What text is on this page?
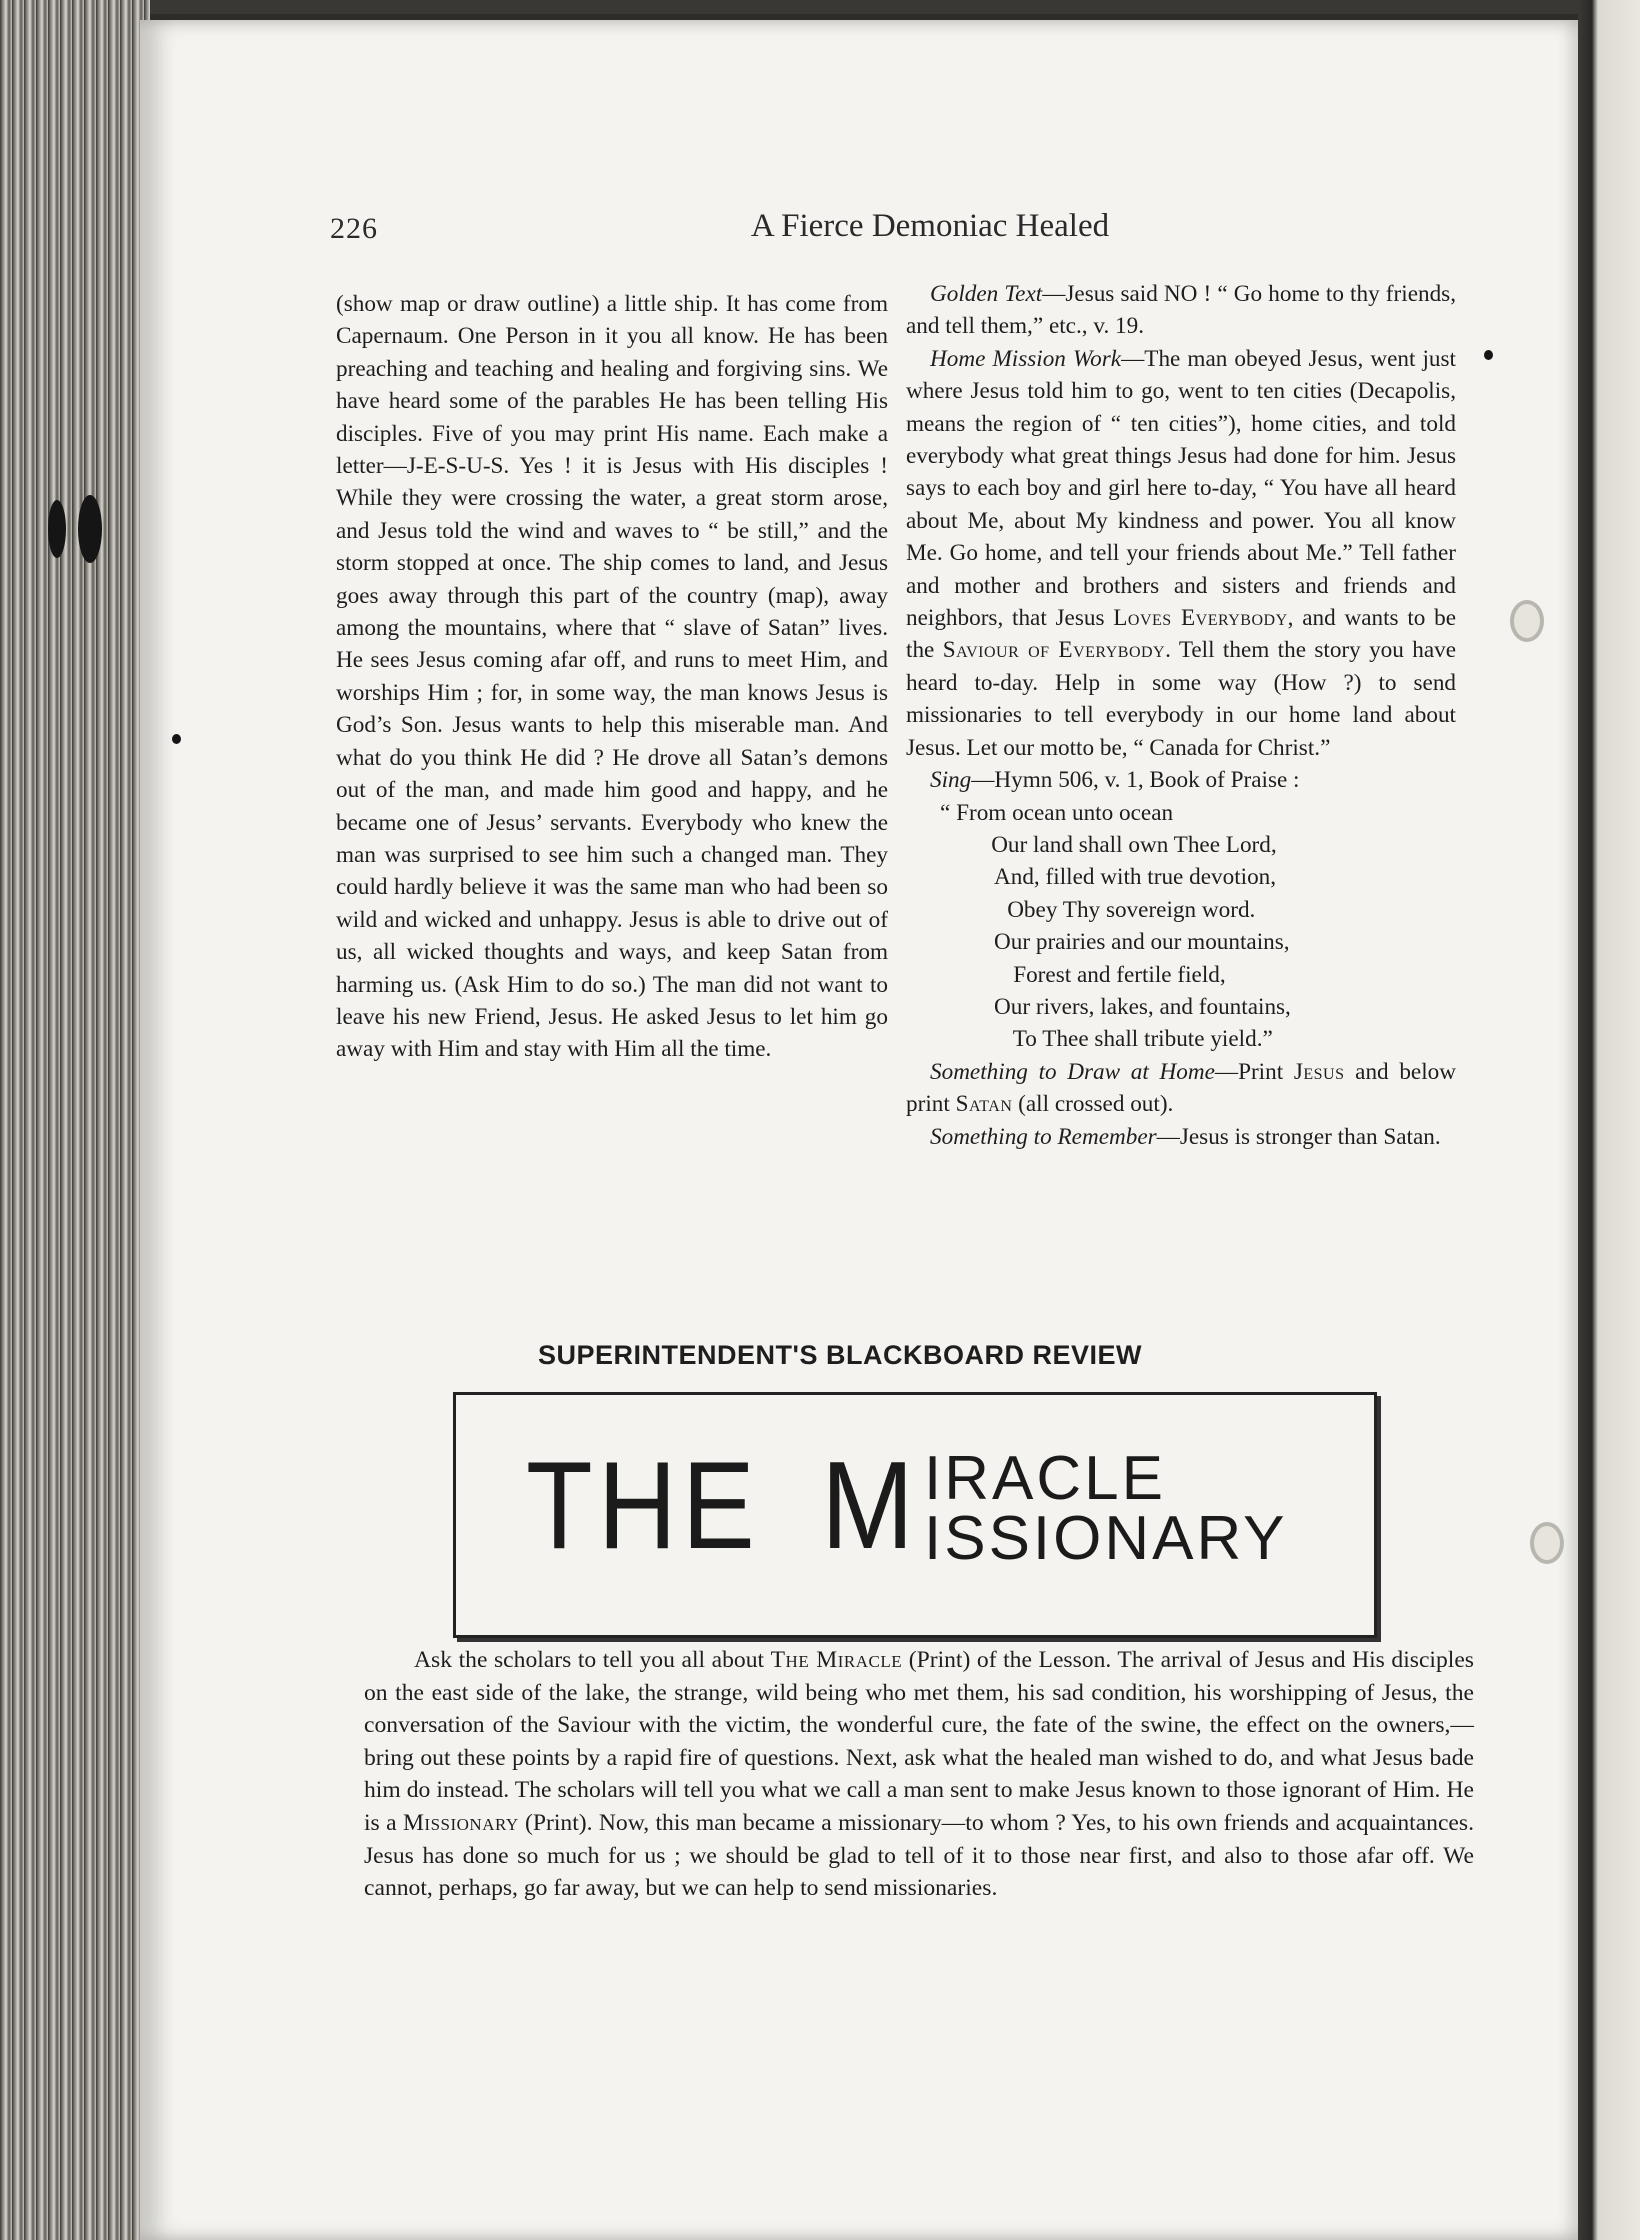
226	A Fierce Demoniac Healed

(show map or draw outline) a little ship. It has come from Capernaum. One Person in it you all know. He has been preaching and teaching and healing and forgiving sins. We have heard some of the parables He has been telling His disciples. Five of you may print His name. Each make a letter—J-E-S-U-S. Yes ! it is Jesus with His disciples ! While they were crossing the water, a great storm arose, and Jesus told the wind and waves to “ be still,” and the storm stopped at once. The ship comes to land, and Jesus goes away through this part of the country (map), away among the mountains, where that “ slave of Satan” lives. He sees Jesus coming afar off, and runs to meet Him, and worships Him ; for, in some way, the man knows Jesus is God’s Son. Jesus wants to help this miserable man. And what do you think He did ? He drove all Satan’s demons out of the man, and made him good and happy, and he became one of Jesus’ servants. Everybody who knew the man was surprised to see him such a changed man. They could hardly believe it was the same man who had been so wild and wicked and unhappy. Jesus is able to drive out of us, all wicked thoughts and ways, and keep Satan from harming us. (Ask Him to do so.) The man did not want to leave his new Friend, Jesus. He asked Jesus to let him go away with Him and stay with Him all the time.

Golden Text—Jesus said NO ! “ Go home to thy friends, and tell them,” etc., v. 19.

Home Mission Work—The man obeyed Jesus, went just where Jesus told him to go, went to ten cities (Decapolis, means the region of “ ten cities”), home cities, and told everybody what great things Jesus had done for him. Jesus says to each boy and girl here to-day, “ You have all heard about Me, about My kindness and power. You all know Me. Go home, and tell your friends about Me.” Tell father and mother and brothers and sisters and friends and neighbors, that Jesus Loves Everybody, and wants to be the Saviour of Everybody. Tell them the story you have heard to-day. Help in some way (How ?) to send missionaries to tell everybody in our home land about Jesus. Let our motto be, “ Canada for Christ.”

Sing—Hymn 506, v. 1, Book of Praise :

“ From ocean unto ocean
Our land shall own Thee Lord,
And, filled with true devotion,
Obey Thy sovereign word.
Our prairies and our mountains,
Forest and fertile field,
Our rivers, lakes, and fountains,
To Thee shall tribute yield.”

Something to Draw at Home—Print Jesus and below print Satan (all crossed out).

Something to Remember—Jesus is stronger than Satan.

SUPERINTENDENT'S BLACKBOARD REVIEW
THE M IRACLE
ISSIONARY

Ask the scholars to tell you all about The Miracle (Print) of the Lesson. The arrival of Jesus and His disciples on the east side of the lake, the strange, wild being who met them, his sad condition, his worshipping of Jesus, the conversation of the Saviour with the victim, the wonderful cure, the fate of the swine, the effect on the owners,—bring out these points by a rapid fire of questions. Next, ask what the healed man wished to do, and what Jesus bade him do instead. The scholars will tell you what we call a man sent to make Jesus known to those ignorant of Him. He is a Missionary (Print). Now, this man became a missionary—to whom ? Yes, to his own friends and acquaintances. Jesus has done so much for us ; we should be glad to tell of it to those near first, and also to those afar off. We cannot, perhaps, go far away, but we can help to send missionaries.
